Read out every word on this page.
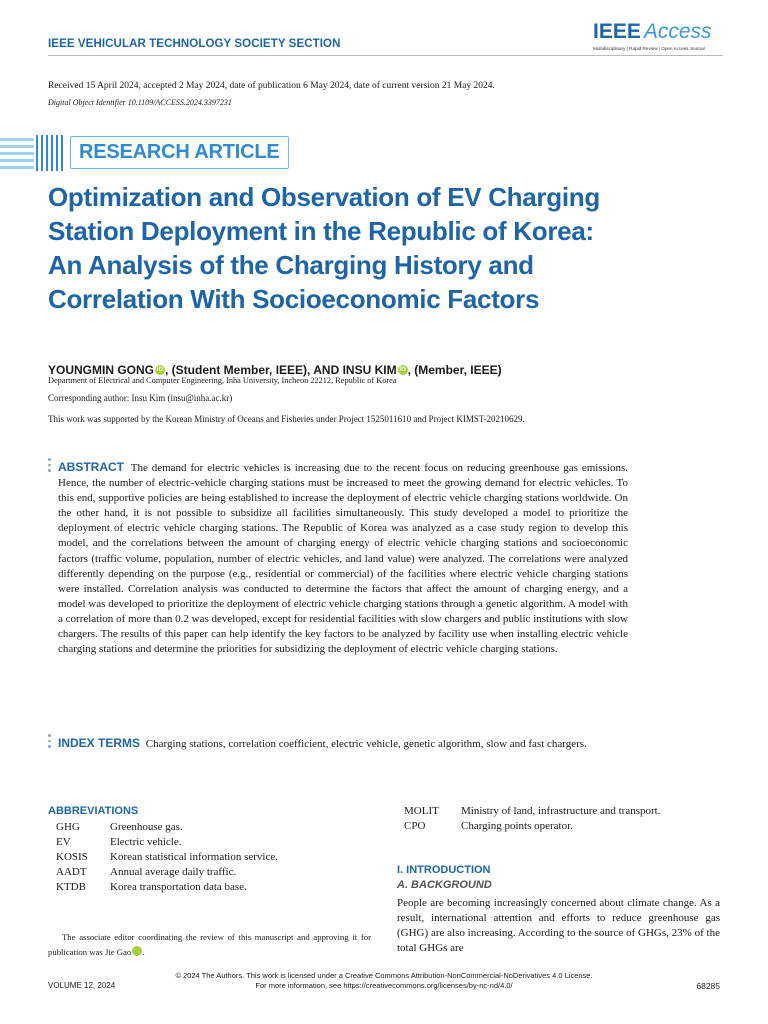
IEEE VEHICULAR TECHNOLOGY SOCIETY SECTION
IEEE Access
Multidisciplinary | Rapid Review | Open Access Journal
Received 15 April 2024, accepted 2 May 2024, date of publication 6 May 2024, date of current version 21 May 2024.
Digital Object Identifier 10.1109/ACCESS.2024.3397231
RESEARCH ARTICLE
Optimization and Observation of EV Charging Station Deployment in the Republic of Korea: An Analysis of the Charging History and Correlation With Socioeconomic Factors
YOUNGMIN GONG iD , (Student Member, IEEE), AND INSU KIM iD , (Member, IEEE)
Department of Electrical and Computer Engineering, Inha University, Incheon 22212, Republic of Korea
Corresponding author: Insu Kim (insu@inha.ac.kr)
This work was supported by the Korean Ministry of Oceans and Fisheries under Project 1525011610 and Project KIMST-20210629.
ABSTRACT The demand for electric vehicles is increasing due to the recent focus on reducing greenhouse gas emissions. Hence, the number of electric-vehicle charging stations must be increased to meet the growing demand for electric vehicles. To this end, supportive policies are being established to increase the deployment of electric vehicle charging stations worldwide. On the other hand, it is not possible to subsidize all facilities simultaneously. This study developed a model to prioritize the deployment of electric vehicle charging stations. The Republic of Korea was analyzed as a case study region to develop this model, and the correlations between the amount of charging energy of electric vehicle charging stations and socioeconomic factors (traffic volume, population, number of electric vehicles, and land value) were analyzed. The correlations were analyzed differently depending on the purpose (e.g., residential or commercial) of the facilities where electric vehicle charging stations were installed. Correlation analysis was conducted to determine the factors that affect the amount of charging energy, and a model was developed to prioritize the deployment of electric vehicle charging stations through a genetic algorithm. A model with a correlation of more than 0.2 was developed, except for residential facilities with slow chargers and public institutions with slow chargers. The results of this paper can help identify the key factors to be analyzed by facility use when installing electric vehicle charging stations and determine the priorities for subsidizing the deployment of electric vehicle charging stations.
INDEX TERMS Charging stations, correlation coefficient, electric vehicle, genetic algorithm, slow and fast chargers.
ABBREVIATIONS
GHG	Greenhouse gas.
EV	Electric vehicle.
KOSIS	Korean statistical information service.
AADT	Annual average daily traffic.
KTDB	Korea transportation data base.
MOLIT	Ministry of land, infrastructure and transport.
CPO	Charging points operator.
The associate editor coordinating the review of this manuscript and approving it for publication was Jie Gao iD.
I. INTRODUCTION
A. BACKGROUND
People are becoming increasingly concerned about climate change. As a result, international attention and efforts to reduce greenhouse gas (GHG) are also increasing. According to the source of GHGs, 23% of the total GHGs are
© 2024 The Authors. This work is licensed under a Creative Commons Attribution-NonCommercial-NoDerivatives 4.0 License.
For more information, see https://creativecommons.org/licenses/by-nc-nd/4.0/
VOLUME 12, 2024	68285
